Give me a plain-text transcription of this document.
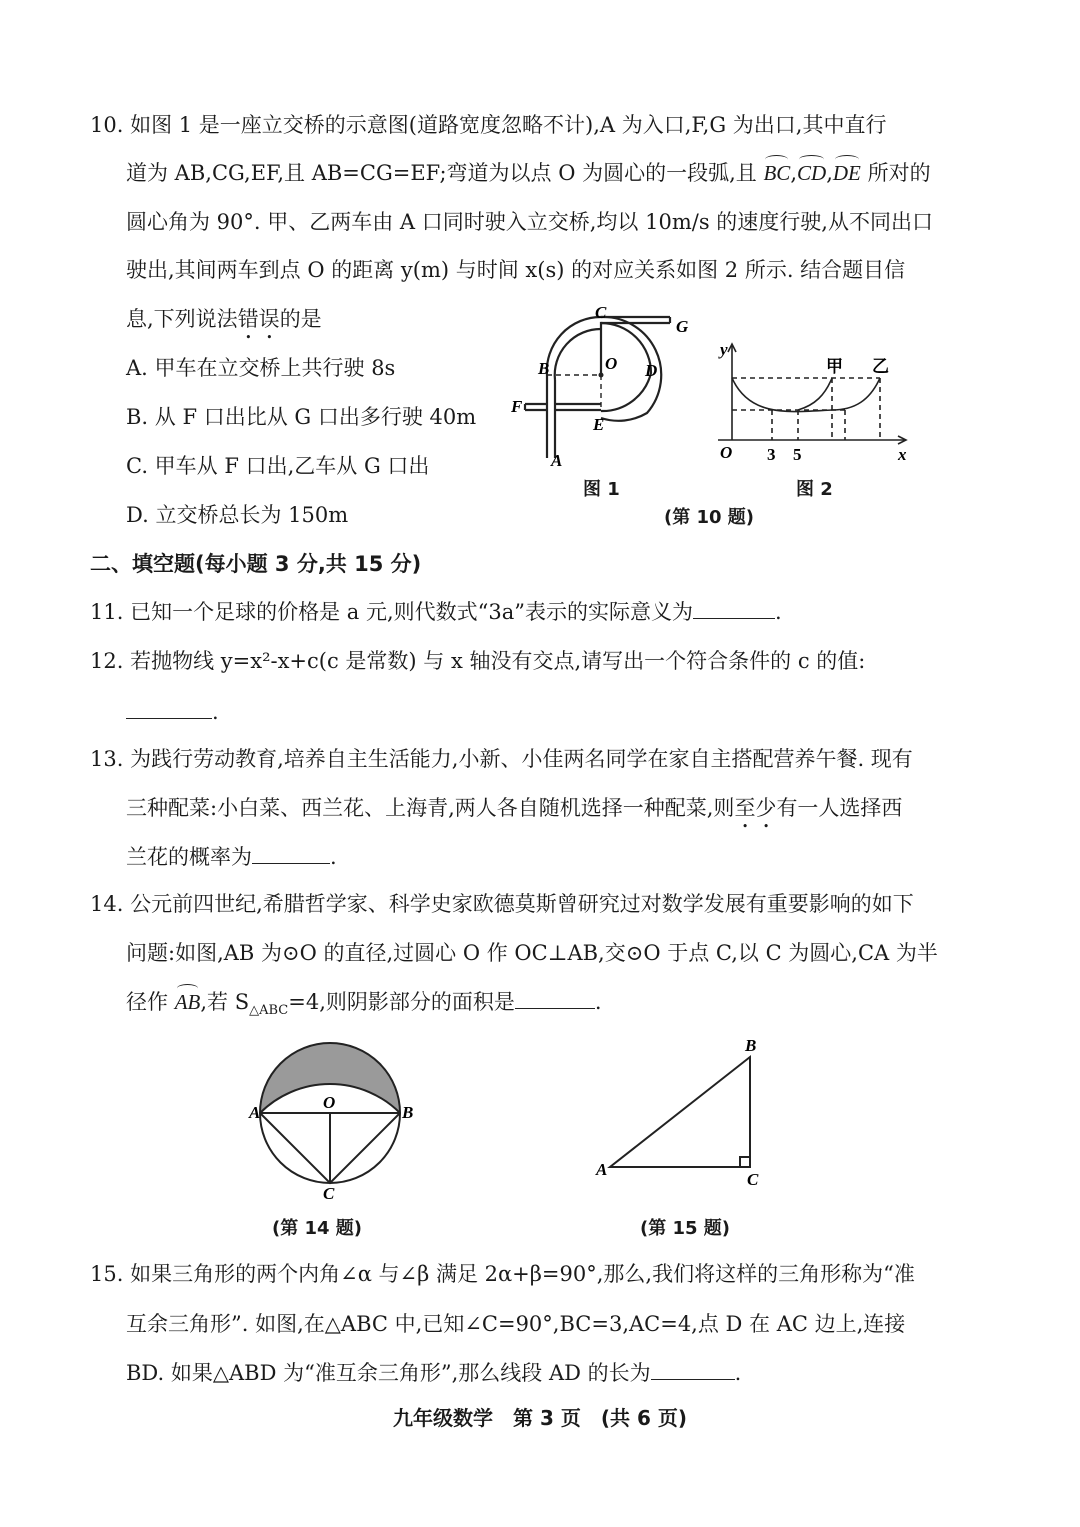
10. 如图 1 是一座立交桥的示意图(道路宽度忽略不计),A 为入口,F,G 为出口,其中直行
道为 AB,CG,EF,且 AB=CG=EF;弯道为以点 O 为圆心的一段弧,且 BC,CD,DE 所对的
圆心角为 90°. 甲、乙两车由 A 口同时驶入立交桥,均以 10m/s 的速度行驶,从不同出口
驶出,其间两车到点 O 的距离 y(m) 与时间 x(s) 的对应关系如图 2 所示. 结合题目信
息,下列说法错误的是
A. 甲车在立交桥上共行驶 8s
B. 从 F 口出比从 G 口出多行驶 40m
C. 甲车从 F 口出,乙车从 G 口出
D. 立交桥总长为 150m
C
G
B	O D
F
E
A
图 1
y
x
O 3 5
甲 乙
图 2
(第 10 题)
二、填空题(每小题 3 分,共 15 分)
11. 已知一个足球的价格是 a 元,则代数式“3a”表示的实际意义为	.
12. 若抛物线 y=x²-x+c(c 是常数) 与 x 轴没有交点,请写出一个符合条件的 c 的值:
.
13. 为践行劳动教育,培养自主生活能力,小新、小佳两名同学在家自主搭配营养午餐. 现有
三种配菜:小白菜、西兰花、上海青,两人各自随机选择一种配菜,则至少有一人选择西
兰花的概率为	.
14. 公元前四世纪,希腊哲学家、科学史家欧德莫斯曾研究过对数学发展有重要影响的如下
问题:如图,AB 为⊙O 的直径,过圆心 O 作 OC⊥AB,交⊙O 于点 C,以 C 为圆心,CA 为半
径作 AB,若 $S_{\triangle ABC}=4$,则阴影部分的面积是	.
A
O
B
C
(第 14 题)
A
B
C
(第 15 题)
15. 如果三角形的两个内角∠α 与∠β 满足 2α+β=90°,那么,我们将这样的三角形称为“准
互余三角形”. 如图,在△ABC 中,已知∠C=90°,BC=3,AC=4,点 D 在 AC 边上,连接
BD. 如果△ABD 为“准互余三角形”,那么线段 AD 的长为	.
九年级数学　第 3 页　(共 6 页)
